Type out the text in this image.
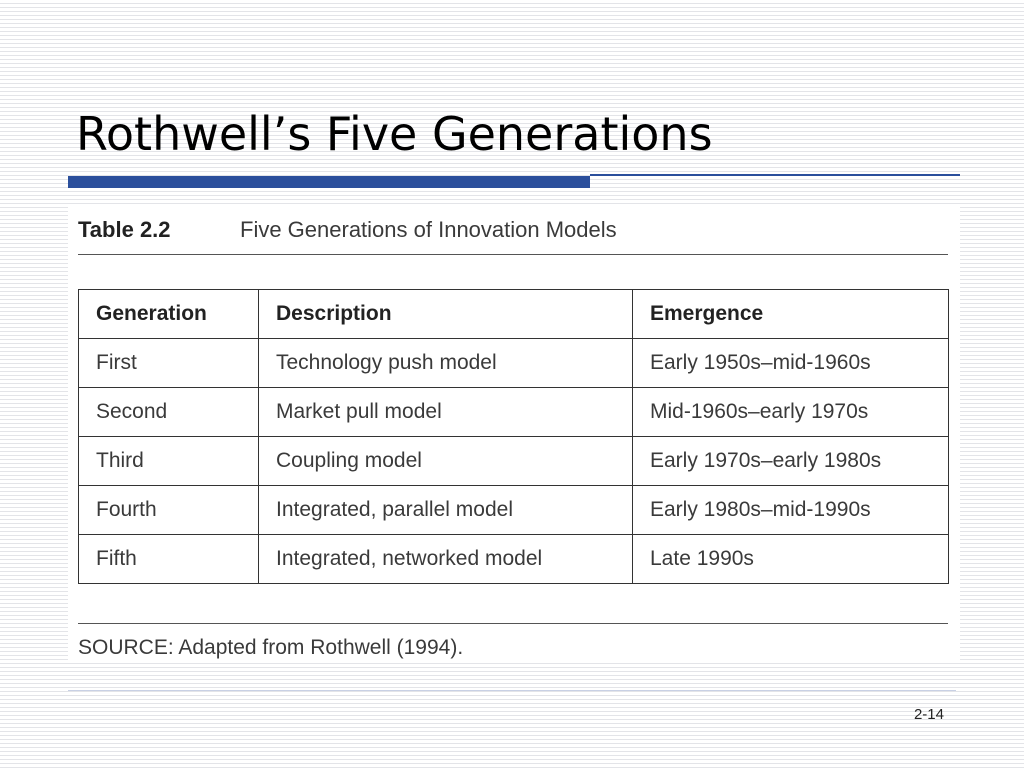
Rothwell’s Five Generations
Table 2.2	Five Generations of Innovation Models
Generation	Description	Emergence
First	Technology push model	Early 1950s–mid-1960s
Second	Market pull model	Mid-1960s–early 1970s
Third	Coupling model	Early 1970s–early 1980s
Fourth	Integrated, parallel model	Early 1980s–mid-1990s
Fifth	Integrated, networked model	Late 1990s
SOURCE: Adapted from Rothwell (1994).
2-14
